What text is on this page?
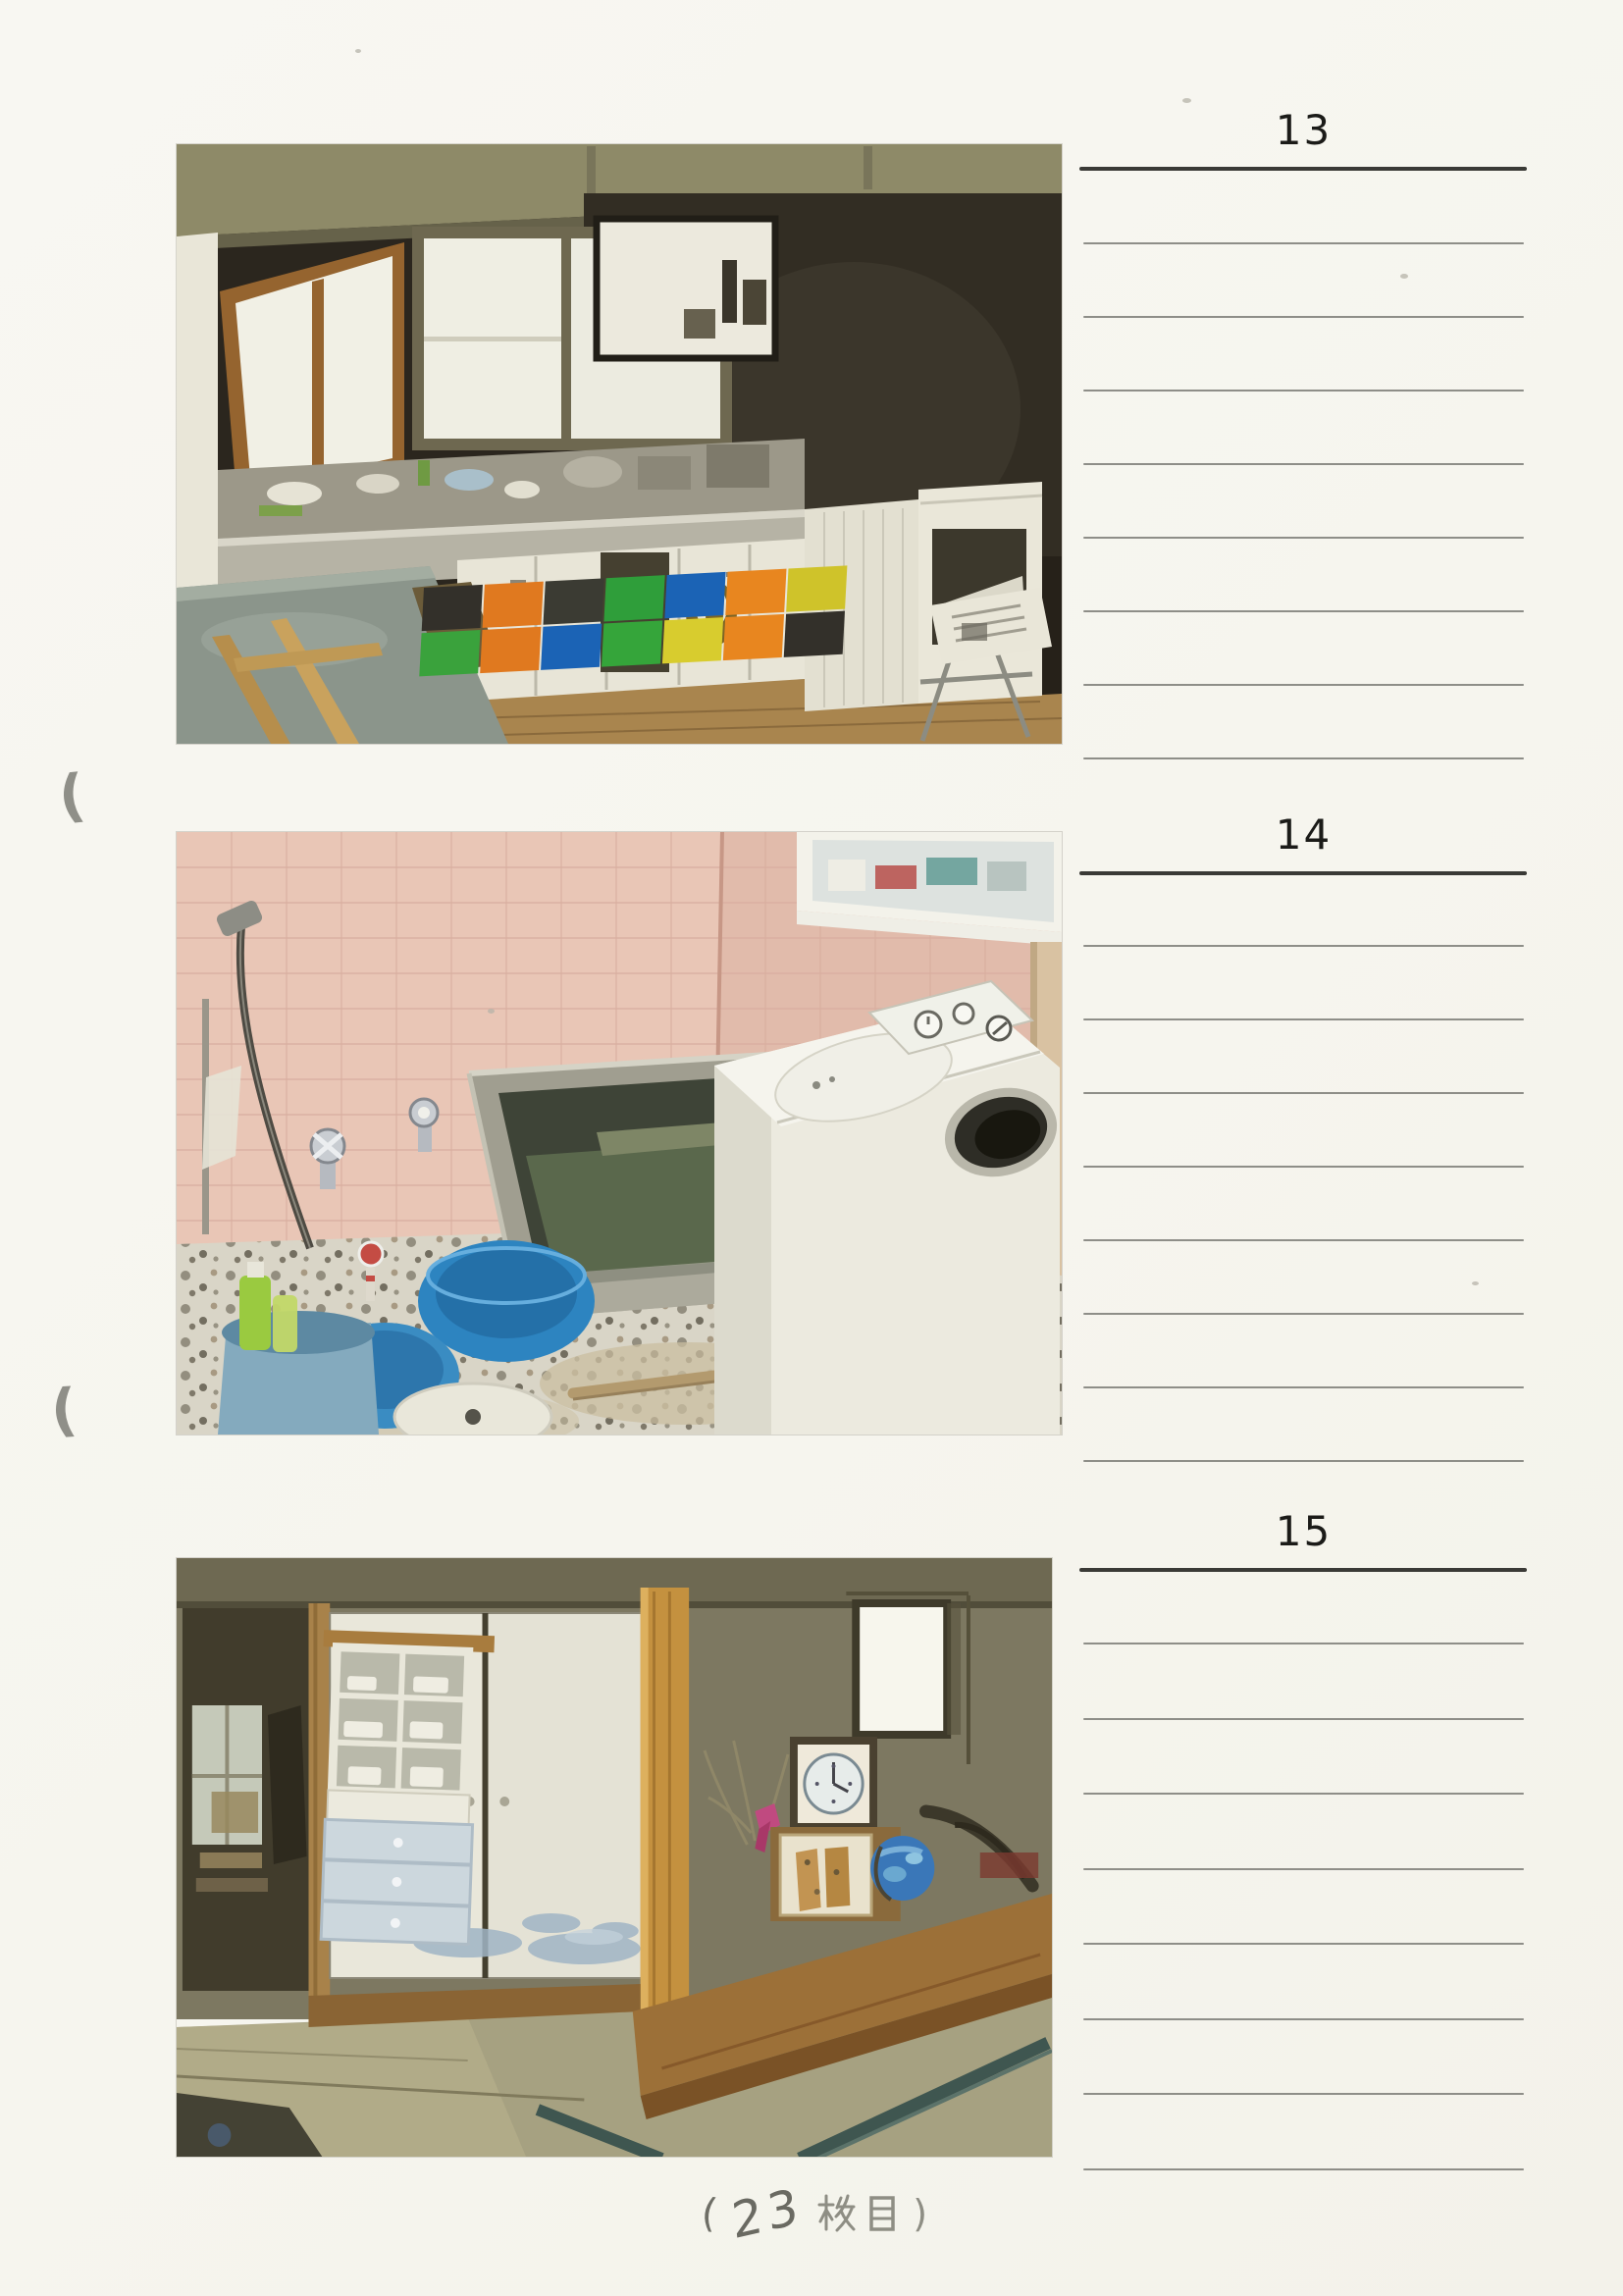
13
14
15
(
(
( 23	)
